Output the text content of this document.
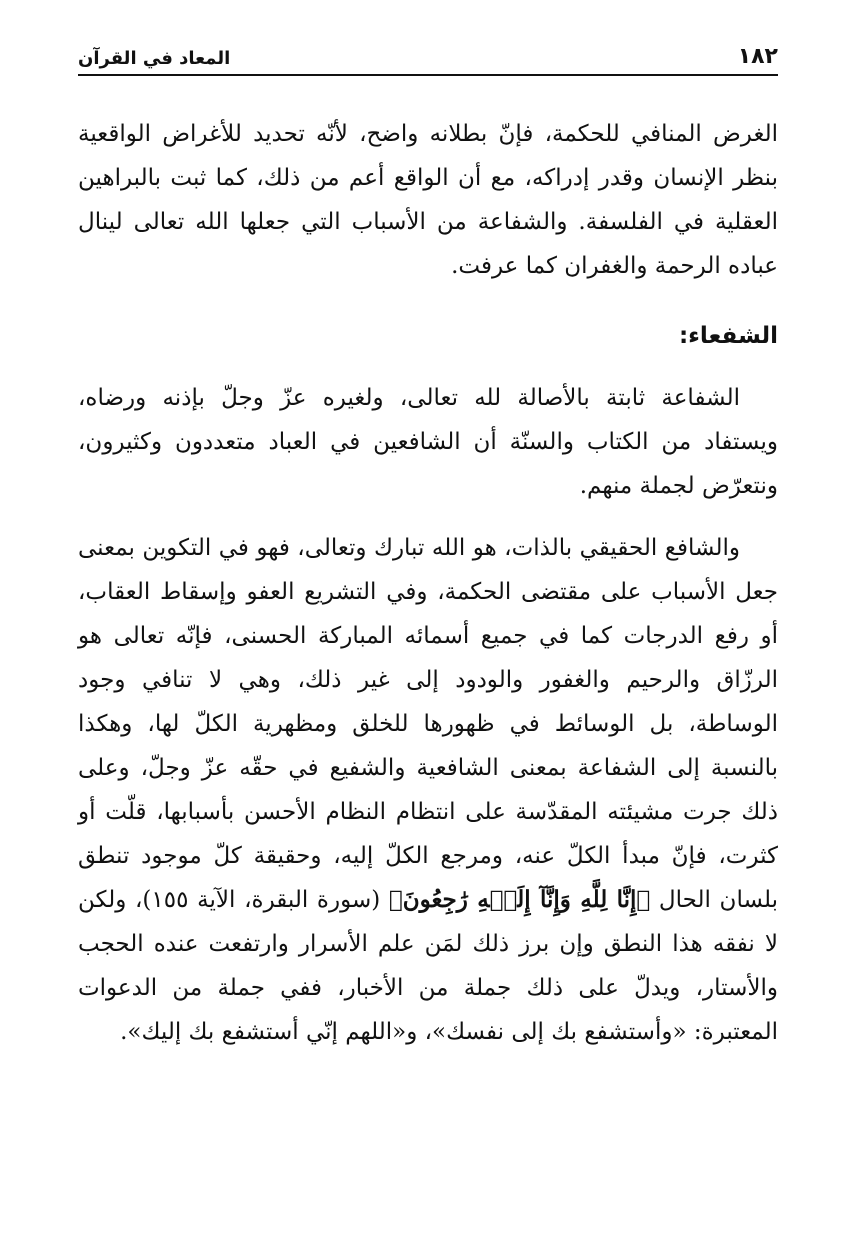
١٨٢
المعاد في القرآن

الغرض المنافي للحكمة، فإنّ بطلانه واضح، لأنّه تحديد للأغراض الواقعية بنظر الإنسان وقدر إدراكه، مع أن الواقع أعم من ذلك، كما ثبت بالبراهين العقلية في الفلسفة. والشفاعة من الأسباب التي جعلها الله تعالى لينال عباده الرحمة والغفران كما عرفت.

الشفعاء:

الشفاعة ثابتة بالأصالة لله تعالى، ولغيره عزّ وجلّ بإذنه ورضاه، ويستفاد من الكتاب والسنّة أن الشافعين في العباد متعددون وكثيرون، ونتعرّض لجملة منهم.

والشافع الحقيقي بالذات، هو الله تبارك وتعالى، فهو في التكوين بمعنى جعل الأسباب على مقتضى الحكمة، وفي التشريع العفو وإسقاط العقاب، أو رفع الدرجات كما في جميع أسمائه المباركة الحسنى، فإنّه تعالى هو الرزّاق والرحيم والغفور والودود إلى غير ذلك، وهي لا تنافي وجود الوساطة، بل الوسائط في ظهورها للخلق ومظهرية الكلّ لها، وهكذا بالنسبة إلى الشفاعة بمعنى الشافعية والشفيع في حقّه عزّ وجلّ، وعلى ذلك جرت مشيئته المقدّسة على انتظام النظام الأحسن بأسبابها، قلّت أو كثرت، فإنّ مبدأ الكلّ عنه، ومرجع الكلّ إليه، وحقيقة كلّ موجود تنطق بلسان الحال ﴿إِنَّا لِلَّهِ وَإِنَّآ إِلَيۡهِ رَٰجِعُونَ﴾ (سورة البقرة، الآية ١٥٥)، ولكن لا نفقه هذا النطق وإن برز ذلك لمَن علم الأسرار وارتفعت عنده الحجب والأستار، ويدلّ على ذلك جملة من الأخبار، ففي جملة من الدعوات المعتبرة: «وأستشفع بك إلى نفسك»، و«اللهم إنّي أستشفع بك إليك».
